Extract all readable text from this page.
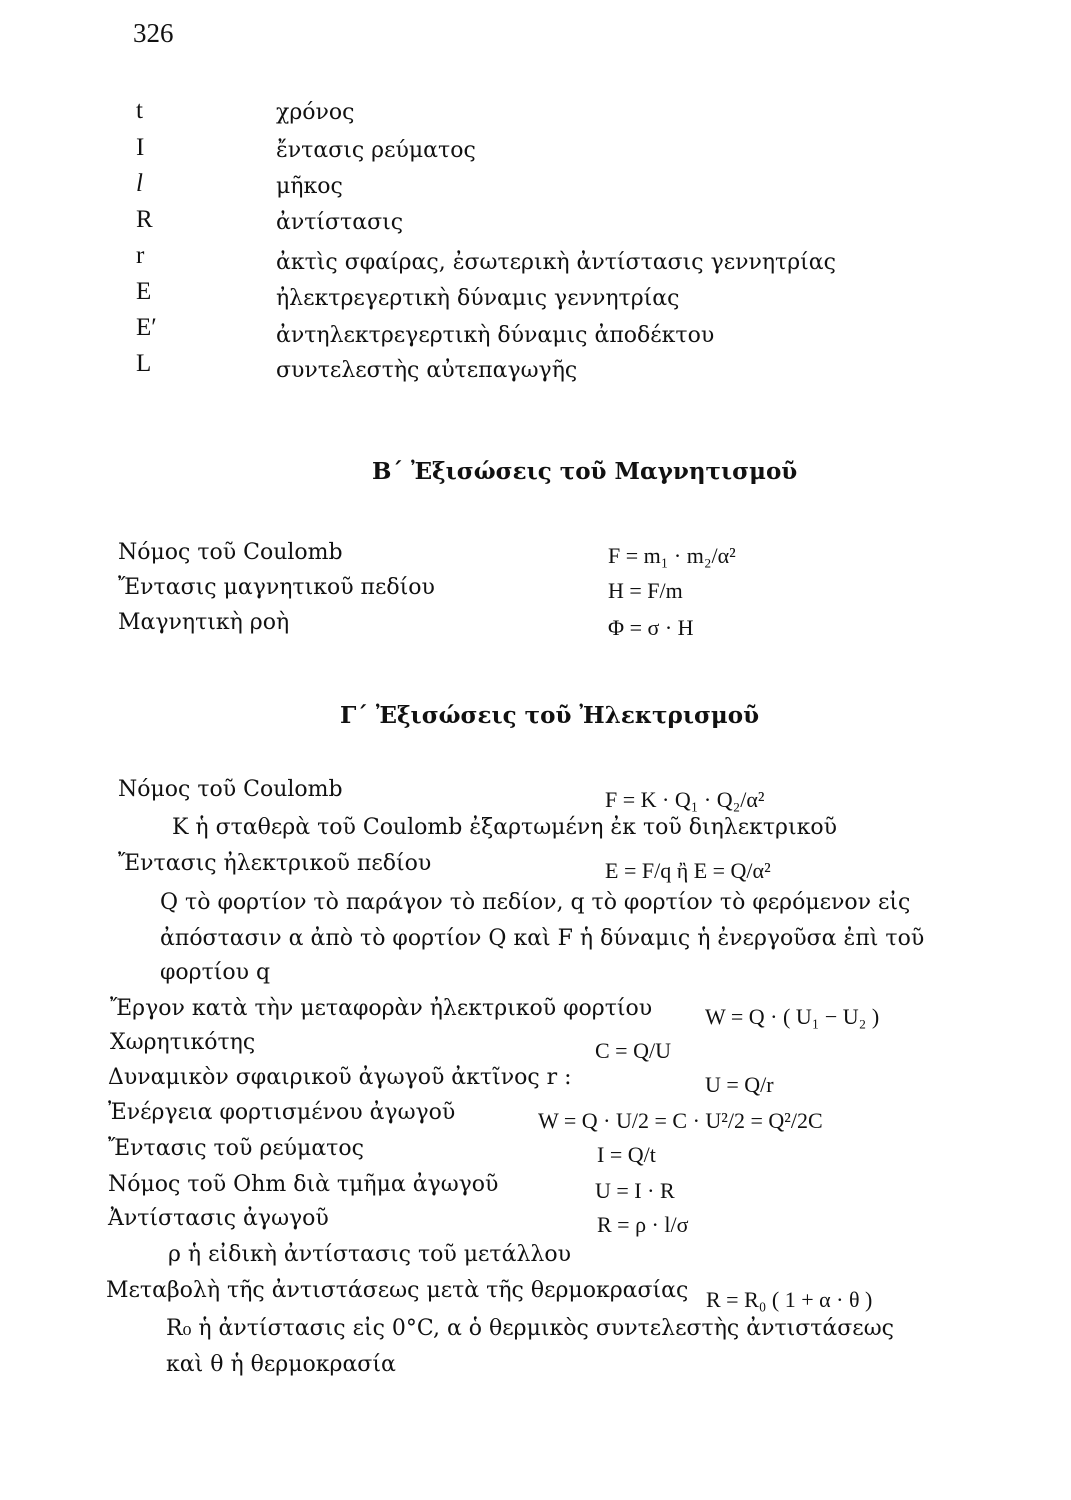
326
t	χρόνος
I	ἔντασις ρεύματος
l	μῆκος
R	ἀντίστασις
r	ἀκτὶς σφαίρας, ἐσωτερικὴ ἀντίστασις γεννητρίας
E	ἠλεκτρεγερτικὴ δύναμις γεννητρίας
E′	ἀντηλεκτρεγερτικὴ δύναμις ἀποδέκτου
L	συντελεστὴς αὐτεπαγωγῆς
Β΄ Ἐξισώσεις τοῦ Μαγνητισμοῦ
Νόμος τοῦ Coulomb	F = m₁ · m₂/α²
Ἔντασις μαγνητικοῦ πεδίου	H = F/m
Μαγνητικὴ ροὴ	Φ = σ · H
Γ΄ Ἐξισώσεις τοῦ Ἠλεκτρισμοῦ
Νόμος τοῦ Coulomb	F = K · Q₁ · Q₂/α²
K ἡ σταθερὰ τοῦ Coulomb ἐξαρτωμένη ἐκ τοῦ διηλεκτρικοῦ
Ἔντασις ἠλεκτρικοῦ πεδίου	E = F/q ἢ E = Q/α²
Q τὸ φορτίον τὸ παράγον τὸ πεδίον, q τὸ φορτίον τὸ φερόμενον εἰς
ἀπόστασιν α ἀπὸ τὸ φορτίον Q καὶ F ἡ δύναμις ἡ ἐνεργοῦσα ἐπὶ τοῦ
φορτίου q
Ἔργον κατὰ τὴν μεταφορὰν ἠλεκτρικοῦ φορτίου W = Q · ( U₁ − U₂ )
Χωρητικότης	C = Q/U
Δυναμικὸν σφαιρικοῦ ἀγωγοῦ ἀκτῖνος r :	U = Q/r
Ἐνέργεια φορτισμένου ἀγωγοῦ	W = Q · U/2 = C · U²/2 = Q²/2C
Ἔντασις τοῦ ρεύματος	I = Q/t
Νόμος τοῦ Ohm διὰ τμῆμα ἀγωγοῦ	U = I · R
Ἀντίστασις ἀγωγοῦ	R = ρ · l/σ
ρ ἡ εἰδικὴ ἀντίστασις τοῦ μετάλλου
Μεταβολὴ τῆς ἀντιστάσεως μετὰ τῆς θερμοκρασίας R = R₀ ( 1 + α · θ )
R₀ ἡ ἀντίστασις εἰς 0°C, α ὁ θερμικὸς συντελεστὴς ἀντιστάσεως
καὶ θ ἡ θερμοκρασία
